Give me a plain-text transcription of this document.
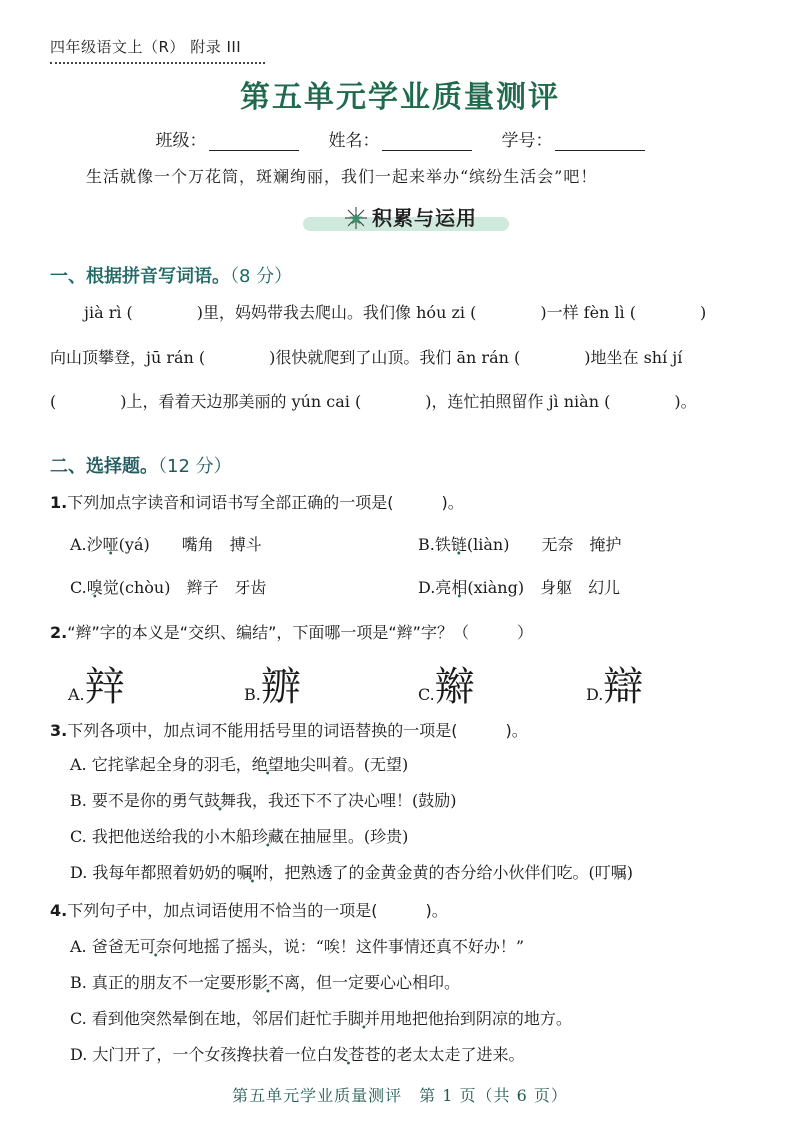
四年级语文上（R） 附录 III
第五单元学业质量测评
班级：	姓名：	学号：
生活就像一个万花筒，斑斓绚丽，我们一起来举办“缤纷生活会”吧！
积累与运用
一、根据拼音写词语。（8 分）
jià rì (　　　　)里，妈妈带我去爬山。我们像 hóu zi (　　　　)一样 fèn lì (　　　　)
向山顶攀登，jū rán (　　　　)很快就爬到了山顶。我们 ān rán (　　　　)地坐在 shí jí
(　　　　)上，看着天边那美丽的 yún cai (　　　　)，连忙拍照留作 jì niàn (　　　　)。
二、选择题。（12 分）
1.下列加点字读音和词语书写全部正确的一项是(　　　)。
A.沙哑(yá)　　嘴角　搏斗	B.铁链(liàn)　　无奈　掩护
C.嗅觉(chòu)　辫子　牙齿	D.亮相(xiàng)　身躯　幻儿
2.“辫”字的本义是“交织、编结”，下面哪一项是“辫”字？（　　　）
A.辡	B.辧	C.辮	D.辯
3.下列各项中，加点词不能用括号里的词语替换的一项是(　　　)。
A. 它挓挲起全身的羽毛，绝望地尖叫着。(无望)
B. 要不是你的勇气鼓舞我，我还下不了决心哩！(鼓励)
C. 我把他送给我的小木船珍藏在抽屉里。(珍贵)
D. 我每年都照着奶奶的嘱咐，把熟透了的金黄金黄的杏分给小伙伴们吃。(叮嘱)
4.下列句子中，加点词语使用不恰当的一项是(　　　)。
A. 爸爸无可奈何地摇了摇头，说：“唉！这件事情还真不好办！”
B. 真正的朋友不一定要形影不离，但一定要心心相印。
C. 看到他突然晕倒在地，邻居们赶忙手脚并用地把他抬到阴凉的地方。
D. 大门开了，一个女孩搀扶着一位白发苍苍的老太太走了进来。
第五单元学业质量测评　第 1 页（共 6 页）
